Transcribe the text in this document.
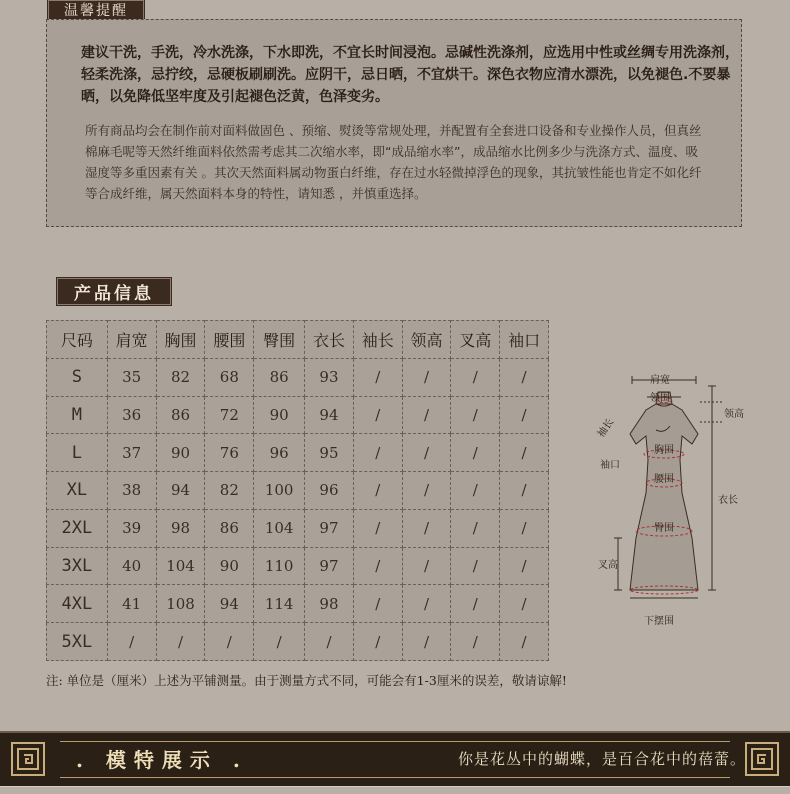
温馨提醒
建议干洗，手洗，冷水洗涤，下水即洗，不宜长时间浸泡。忌碱性洗涤剂，应选用中性或丝绸专用洗涤剂，轻柔洗涤，忌拧绞，忌硬板刷刷洗。应阴干，忌日晒，不宜烘干。深色衣物应清水漂洗，以免褪色.不要暴晒，以免降低坚牢度及引起褪色泛黄，色泽变劣。
所有商品均会在制作前对面料做固色 、预缩、熨烫等常规处理，并配置有全套进口设备和专业操作人员，但真丝棉麻毛呢等天然纤维面料依然需考虑其二次缩水率，即“成品缩水率”，成品缩水比例多少与洗涤方式、温度、吸湿度等多重因素有关 。其次天然面料属动物蛋白纤维，存在过水轻微掉浮色的现象，其抗皱性能也肯定不如化纤等合成纤维，属天然面料本身的特性，请知悉 ，并慎重选择。
产品信息
尺码	肩宽	胸围	腰围	臀围	衣长	袖长	领高	叉高	袖口
S	35	82	68	86	93	/	/	/	/
M	36	86	72	90	94	/	/	/	/
L	37	90	76	96	95	/	/	/	/
XL	38	94	82	100	96	/	/	/	/
2XL	39	98	86	104	97	/	/	/	/
3XL	40	104	90	110	97	/	/	/	/
4XL	41	108	94	114	98	/	/	/	/
5XL	/	/	/	/	/	/	/	/	/
肩宽
领围
领高
袖长
袖口
胸围
腰围
臀围
衣长
叉高
下摆围
注: 单位是（厘米）上述为平铺测量。由于测量方式不同，可能会有1-3厘米的误差，敬请谅解!
. 模特展示 .	你是花丛中的蝴蝶，是百合花中的蓓蕾。
